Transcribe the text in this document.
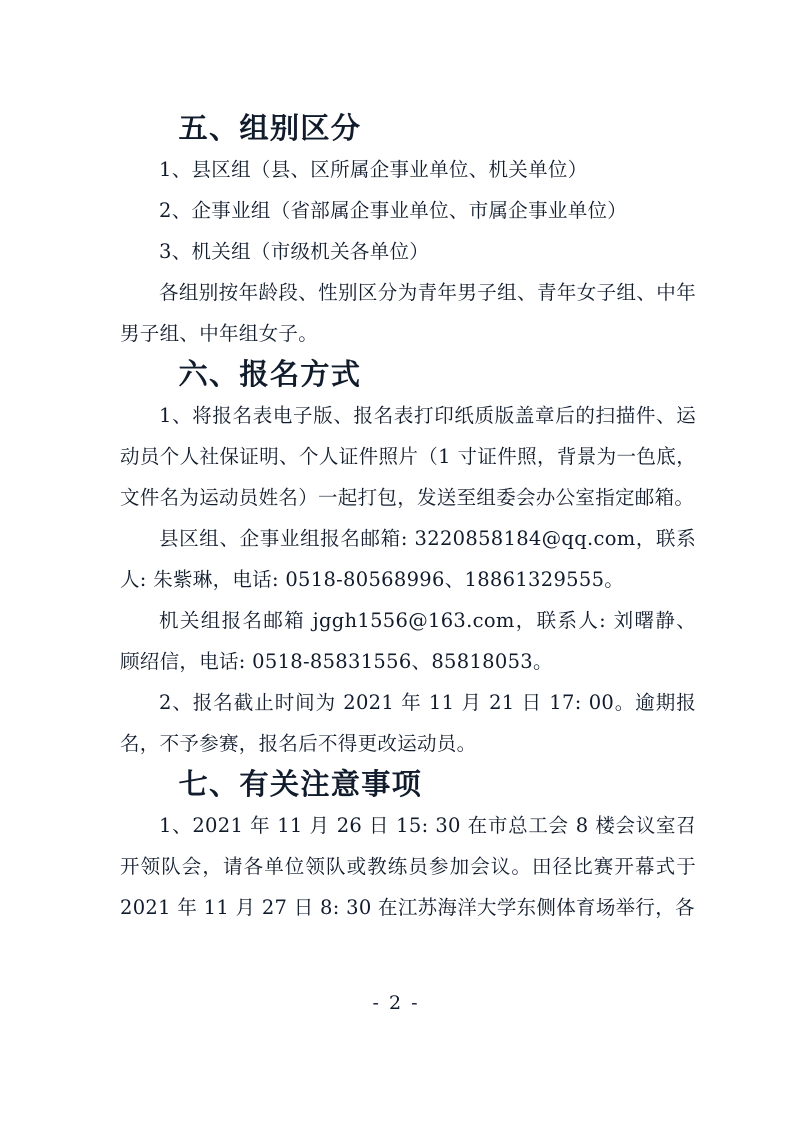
五、组别区分

1、县区组（县、区所属企事业单位、机关单位）

2、企事业组（省部属企事业单位、市属企事业单位）

3、机关组（市级机关各单位）

各组别按年龄段、性别区分为青年男子组、青年女子组、中年男子组、中年组女子。

六、报名方式

1、将报名表电子版、报名表打印纸质版盖章后的扫描件、运动员个人社保证明、个人证件照片（1 寸证件照，背景为一色底，文件名为运动员姓名）一起打包，发送至组委会办公室指定邮箱。

县区组、企事业组报名邮箱: 3220858184@qq.com，联系人: 朱紫琳，电话: 0518-80568996、18861329555。

机关组报名邮箱 jggh1556@163.com，联系人: 刘曙静、顾绍信，电话: 0518-85831556、85818053。

2、报名截止时间为 2021 年 11 月 21 日 17: 00。逾期报名，不予参赛，报名后不得更改运动员。

七、有关注意事项

1、2021 年 11 月 26 日 15: 30 在市总工会 8 楼会议室召开领队会，请各单位领队或教练员参加会议。田径比赛开幕式于 2021 年 11 月 27 日 8: 30 在江苏海洋大学东侧体育场举行，各

- 2 -
